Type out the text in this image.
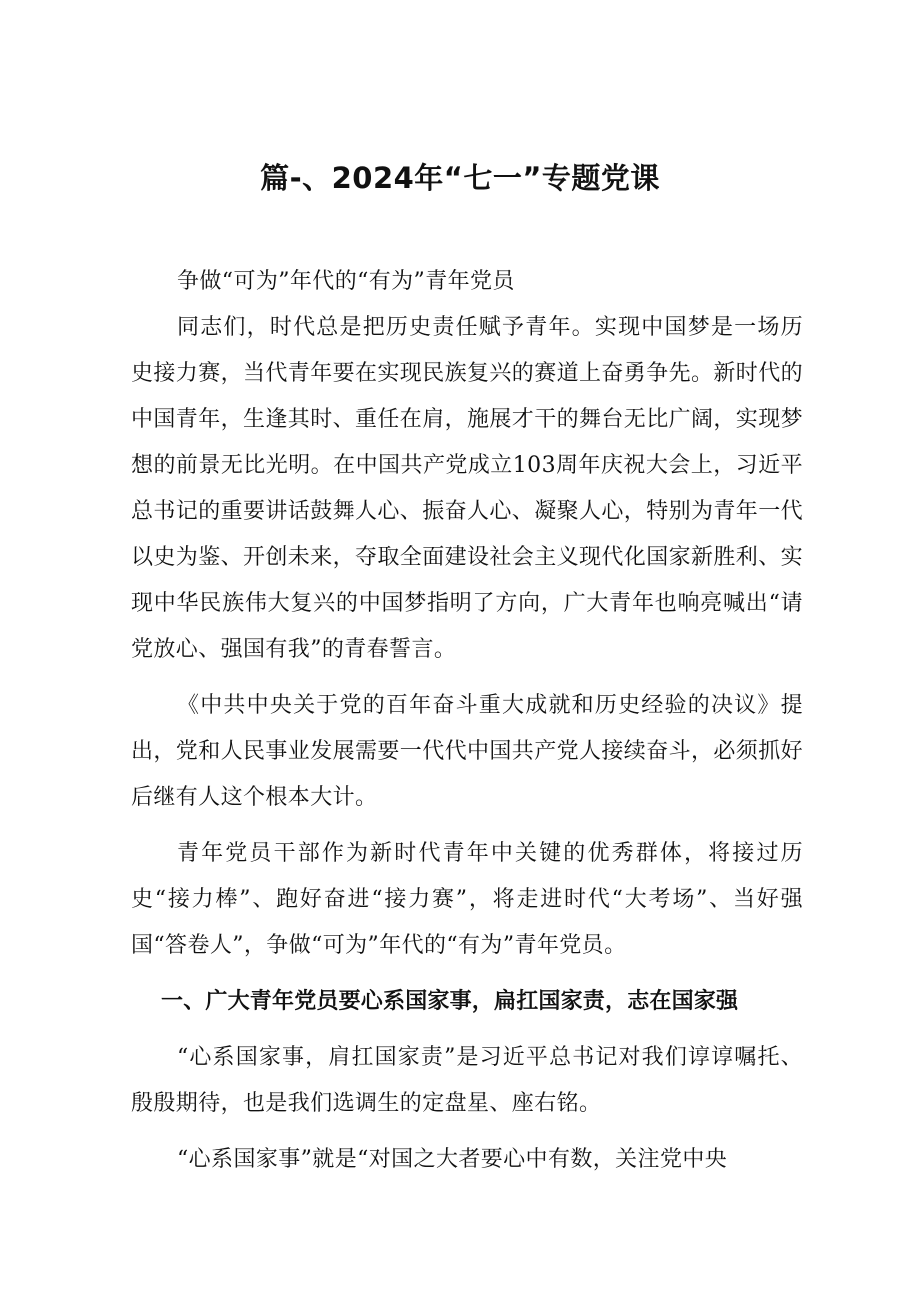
篇-、2024年“七一”专题党课

争做“可为”年代的“有为”青年党员

同志们，时代总是把历史责任赋予青年。实现中国梦是一场历史接力赛，当代青年要在实现民族复兴的赛道上奋勇争先。新时代的中国青年，生逢其时、重任在肩，施展才干的舞台无比广阔，实现梦想的前景无比光明。在中国共产党成立103周年庆祝大会上，习近平总书记的重要讲话鼓舞人心、振奋人心、凝聚人心，特别为青年一代以史为鉴、开创未来，夺取全面建设社会主义现代化国家新胜利、实现中华民族伟大复兴的中国梦指明了方向，广大青年也响亮喊出“请党放心、强国有我”的青春誓言。

《中共中央关于党的百年奋斗重大成就和历史经验的决议》提出，党和人民事业发展需要一代代中国共产党人接续奋斗，必须抓好后继有人这个根本大计。

青年党员干部作为新时代青年中关键的优秀群体，将接过历史“接力棒”、跑好奋进“接力赛”，将走进时代“大考场”、当好强国“答卷人”，争做“可为”年代的“有为”青年党员。

一、广大青年党员要心系国家事，扁扛国家责，志在国家强

“心系国家事，肩扛国家责”是习近平总书记对我们谆谆嘱托、殷殷期待，也是我们选调生的定盘星、座右铭。

“心系国家事”就是“对国之大者要心中有数，关注党中央
